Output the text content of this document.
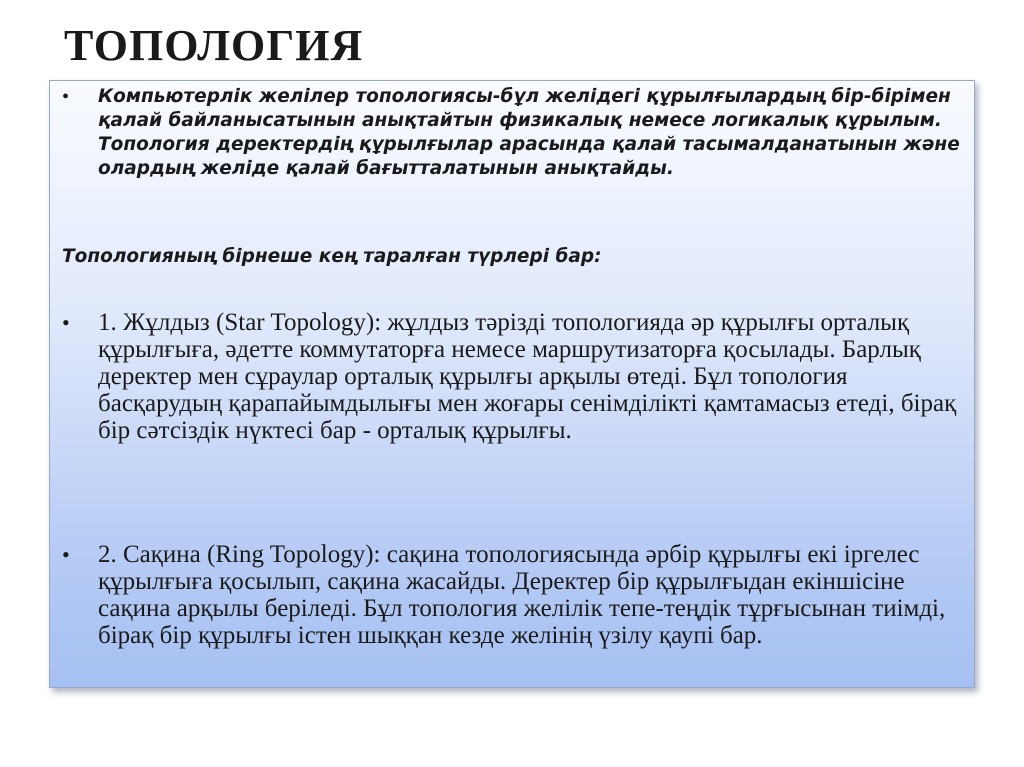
ТОПОЛОГИЯ
• Компьютерлік желілер топологиясы-бұл желідегі құрылғылардың бір-бірімен қалай байланысатынын анықтайтын физикалық немесе логикалық құрылым. Топология деректердің құрылғылар арасында қалай тасымалданатынын және олардың желіде қалай бағытталатынын анықтайды.
Топологияның бірнеше кең таралған түрлері бар:
• 1. Жұлдыз (Star Topology): жұлдыз тәрізді топологияда әр құрылғы орталық құрылғыға, әдетте коммутаторға немесе маршрутизаторға қосылады. Барлық деректер мен сұраулар орталық құрылғы арқылы өтеді. Бұл топология басқарудың қарапайымдылығы мен жоғары сенімділікті қамтамасыз етеді, бірақ бір сәтсіздік нүктесі бар - орталық құрылғы.
• 2. Сақина (Ring Topology): сақина топологиясында әрбір құрылғы екі іргелес құрылғыға қосылып, сақина жасайды. Деректер бір құрылғыдан екіншісіне сақина арқылы беріледі. Бұл топология желілік тепе-теңдік тұрғысынан тиімді, бірақ бір құрылғы істен шыққан кезде желінің үзілу қаупі бар.
